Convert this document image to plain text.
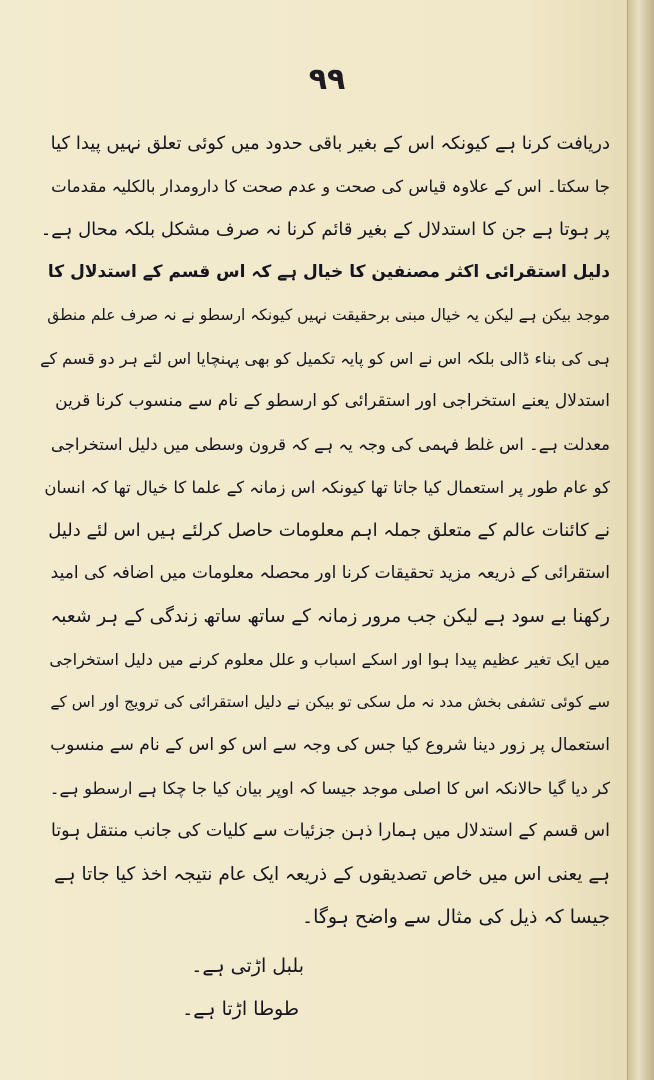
۹۹
دریافت کرنا ہے کیونکہ اس کے بغیر باقی حدود میں کوئی تعلق نہیں پیدا کیا
جا سکتا۔ اس کے علاوہ قیاس کی صحت و عدم صحت کا دارومدار بالکلیہ مقدمات
پر ہوتا ہے جن کا استدلال کے بغیر قائم کرنا نہ صرف مشکل بلکہ محال ہے۔
دلیل استقرائی اکثر مصنفین کا خیال ہے کہ اس قسم کے استدلال کا
موجد بیکن ہے لیکن یہ خیال مبنی برحقیقت نہیں کیونکہ ارسطو نے نہ صرف علم منطق
ہی کی بناء ڈالی بلکہ اس نے اس کو پایہ تکمیل کو بھی پہنچایا اس لئے ہر دو قسم کے
استدلال یعنے استخراجی اور استقرائی کو ارسطو کے نام سے منسوب کرنا قرین
معدلت ہے۔ اس غلط فہمی کی وجہ یہ ہے کہ قرون وسطی میں دلیل استخراجی
کو عام طور پر استعمال کیا جاتا تھا کیونکہ اس زمانہ کے علما کا خیال تھا کہ انسان
نے کائنات عالم کے متعلق جملہ اہم معلومات حاصل کرلئے ہیں اس لئے دلیل
استقرائی کے ذریعہ مزید تحقیقات کرنا اور محصلہ معلومات میں اضافہ کی امید
رکھنا بے سود ہے لیکن جب مرور زمانہ کے ساتھ ساتھ زندگی کے ہر شعبہ
میں ایک تغیر عظیم پیدا ہوا اور اسکے اسباب و علل معلوم کرنے میں دلیل استخراجی
سے کوئی تشفی بخش مدد نہ مل سکی تو بیکن نے دلیل استقرائی کی ترویج اور اس کے
استعمال پر زور دینا شروع کیا جس کی وجہ سے اس کو اس کے نام سے منسوب
کر دیا گیا حالانکہ اس کا اصلی موجد جیسا کہ اوپر بیان کیا جا چکا ہے ارسطو ہے۔
اس قسم کے استدلال میں ہمارا ذہن جزئیات سے کلیات کی جانب منتقل ہوتا
ہے یعنی اس میں خاص تصدیقوں کے ذریعہ ایک عام نتیجہ اخذ کیا جاتا ہے
جیسا کہ ذیل کی مثال سے واضح ہوگا۔
بلبل اڑتی ہے۔
طوطا اڑتا ہے۔
